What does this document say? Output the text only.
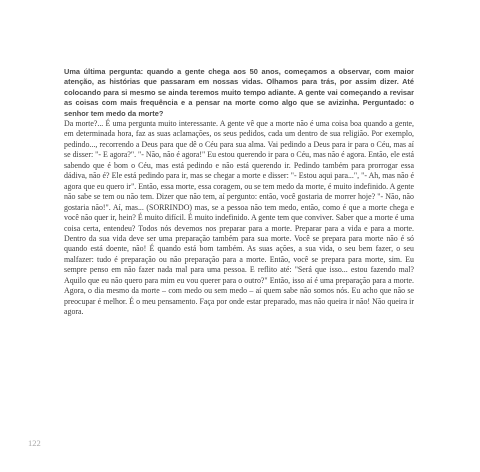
Uma última pergunta: quando a gente chega aos 50 anos, começamos a observar, com maior atenção, as histórias que passaram em nossas vidas. Olhamos para trás, por assim dizer. Até colocando para si mesmo se ainda teremos muito tempo adiante. A gente vai começando a revisar as coisas com mais frequência e a pensar na morte como algo que se avizinha. Perguntado: o senhor tem medo da morte?

Da morte?... É uma pergunta muito interessante. A gente vê que a morte não é uma coisa boa quando a gente, em determinada hora, faz as suas aclamações, os seus pedidos, cada um dentro de sua religião. Por exemplo, pedindo..., recorrendo a Deus para que dê o Céu para sua alma. Vai pedindo a Deus para ir para o Céu, mas aí se disser: "- E agora?". "- Não, não é agora!" Eu estou querendo ir para o Céu, mas não é agora. Então, ele está sabendo que é bom o Céu, mas está pedindo e não está querendo ir. Pedindo também para prorrogar essa dádiva, não é? Ele está pedindo para ir, mas se chegar a morte e disser: "- Estou aqui para...", "- Ah, mas não é agora que eu quero ir". Então, essa morte, essa coragem, ou se tem medo da morte, é muito indefinido. A gente não sabe se tem ou não tem. Dizer que não tem, aí pergunto: então, você gostaria de morrer hoje? "- Não, não gostaria não!". Aí, mas... (SORRINDO) mas, se a pessoa não tem medo, então, como é que a morte chega e você não quer ir, hein? É muito difícil. É muito indefinido. A gente tem que conviver. Saber que a morte é uma coisa certa, entendeu? Todos nós devemos nos preparar para a morte. Preparar para a vida e para a morte. Dentro da sua vida deve ser uma preparação também para sua morte. Você se prepara para morte não é só quando está doente, não! É quando está bom também. As suas ações, a sua vida, o seu bem fazer, o seu malfazer: tudo é preparação ou não preparação para a morte. Então, você se prepara para morte, sim. Eu sempre penso em não fazer nada mal para uma pessoa. E reflito até: "Será que isso... estou fazendo mal? Aquilo que eu não quero para mim eu vou querer para o outro?" Então, isso aí é uma preparação para a morte. Agora, o dia mesmo da morte – com medo ou sem medo – aí quem sabe não somos nós. Eu acho que não se preocupar é melhor. É o meu pensamento. Faça por onde estar preparado, mas não queira ir não! Não queira ir agora.

122
